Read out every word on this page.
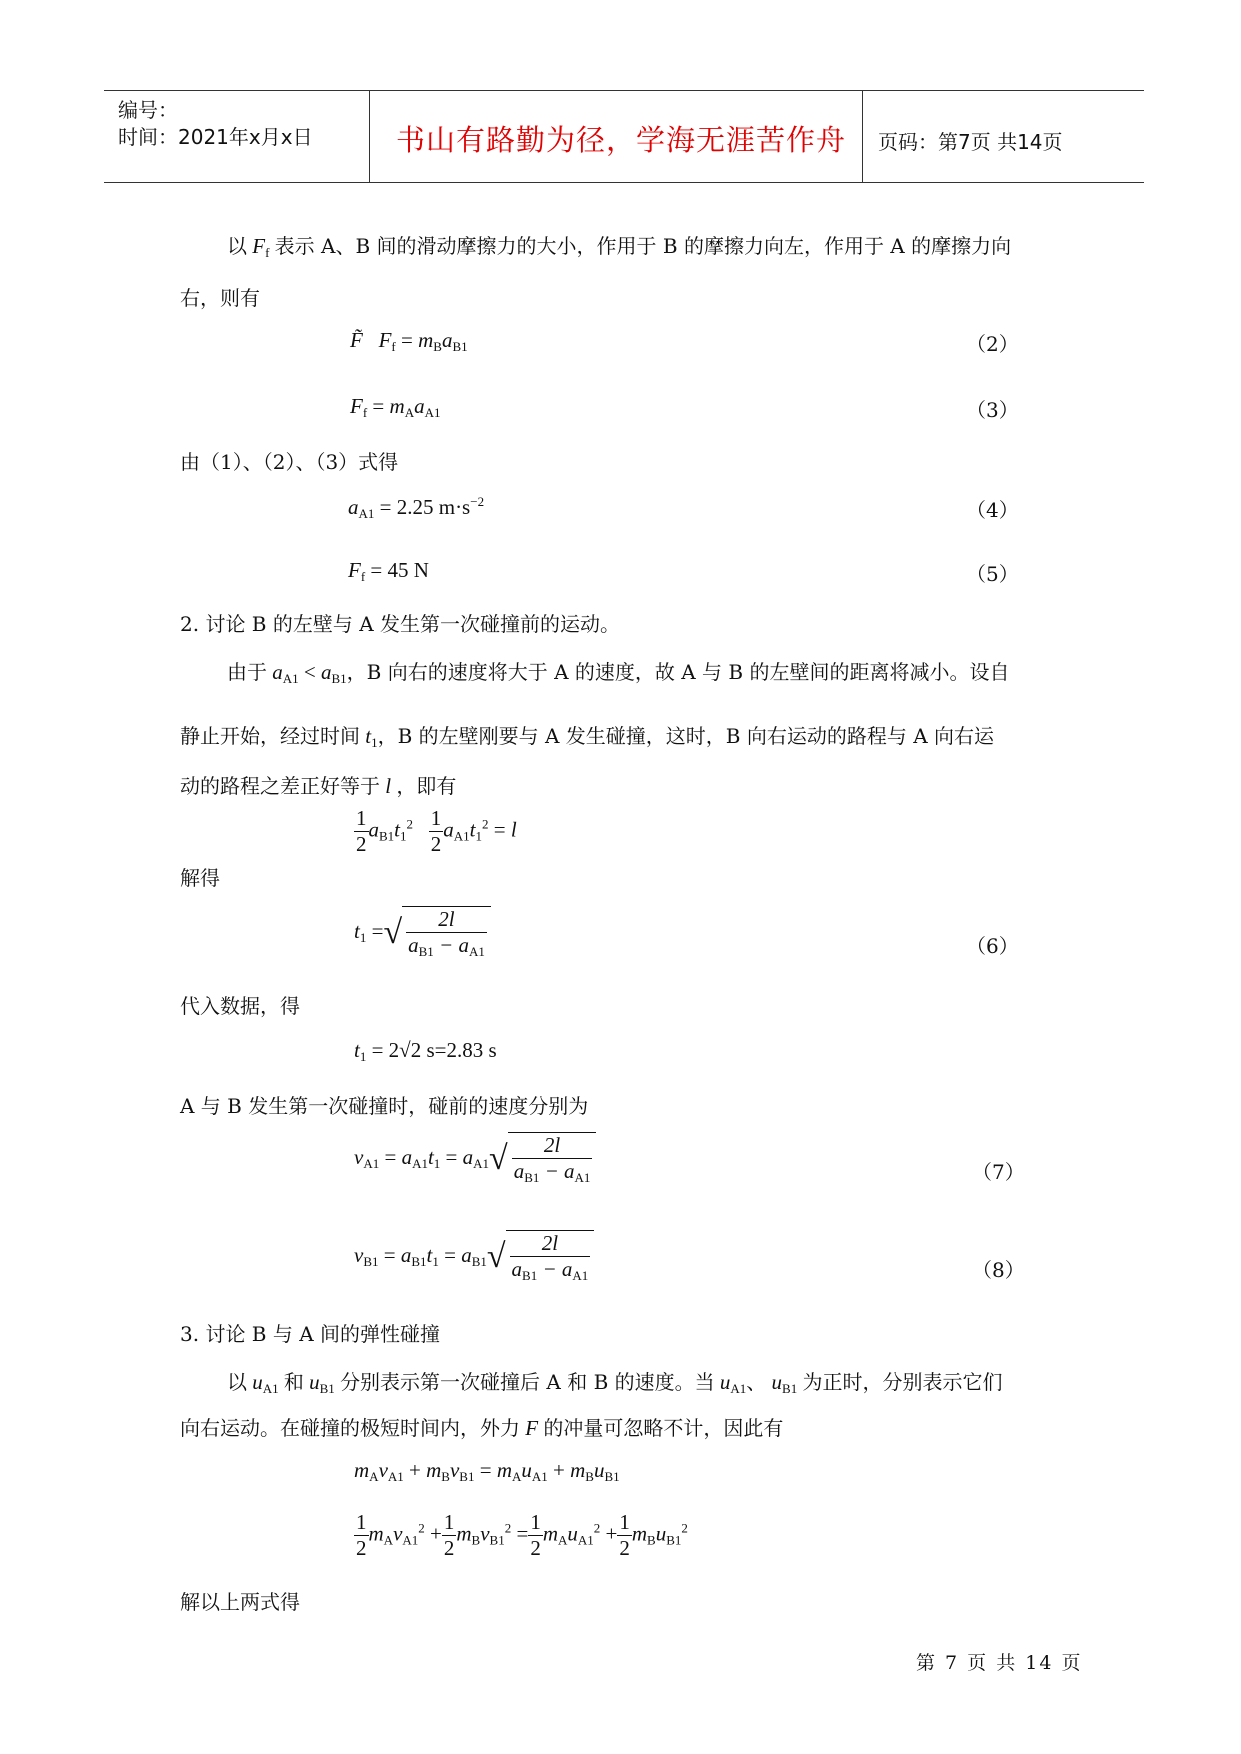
编号：
时间：2021年x月x日	书山有路勤为径，学海无涯苦作舟 页码：第7页 共14页
以 $F_f$ 表示 A、B 间的滑动摩擦力的大小，作用于 B 的摩擦力向左，作用于 A 的摩擦力向
右，则有
F̃   $F_f = m_Ba_{B1}$	（2）
$F_f = m_Aa_{A1}$	（3）
由（1）、（2）、（3）式得
$a_{A1} = 2.25$ $m\cdot s^{-2}$	（4）
$F_f = 45$ N	（5）
2. 讨论 B 的左壁与 A 发生第一次碰撞前的运动。
由于 $a_{A1} < a_{B1}$，B 向右的速度将大于 A 的速度，故 A 与 B 的左壁间的距离将减小。设自
静止开始，经过时间 $t_1$，B 的左壁刚要与 A 发生碰撞，这时，B 向右运动的路程与 A 向右运
动的路程之差正好等于 l ，即有
$\frac{1}{2} a_{B1}t_1^2 \frac{1}{2} a_{A1}t_1^2 = l$
解得
$t_1$ =√ $\frac{2l}{a_{B1} - a_{A1}}$	（6）
代入数据，得
$t_1 = 2√2$ s=2.83 s
A 与 B 发生第一次碰撞时，碰前的速度分别为
$v_{A1} = a_{A1}t_1 = a_{A1}√ \frac{2l}{a_{B1} - a_{A1}}$	（7）
$v_{B1} = a_{B1}t_1 = a_{B1}√ \frac{2l}{a_{B1} - a_{A1}}$	（8）
3. 讨论 B 与 A 间的弹性碰撞
以 $u_{A1}$ 和 $u_{B1}$ 分别表示第一次碰撞后 A 和 B 的速度。当 $u_{A1}$、 $u_{B1}$ 为正时，分别表示它们
向右运动。在碰撞的极短时间内，外力 F 的冲量可忽略不计，因此有
$m_Av_{A1} + m_Bv_{B1} = m_Au_{A1} + m_Bu_{B1}$
$\frac{1}{2} m_Av_{A1}^2 + \frac{1}{2} m_Bv_{B1}^2 = \frac{1}{2} m_Au_{A1}^2 + \frac{1}{2} m_Bu_{B1}^2$
解以上两式得
第 7 页 共 14 页
